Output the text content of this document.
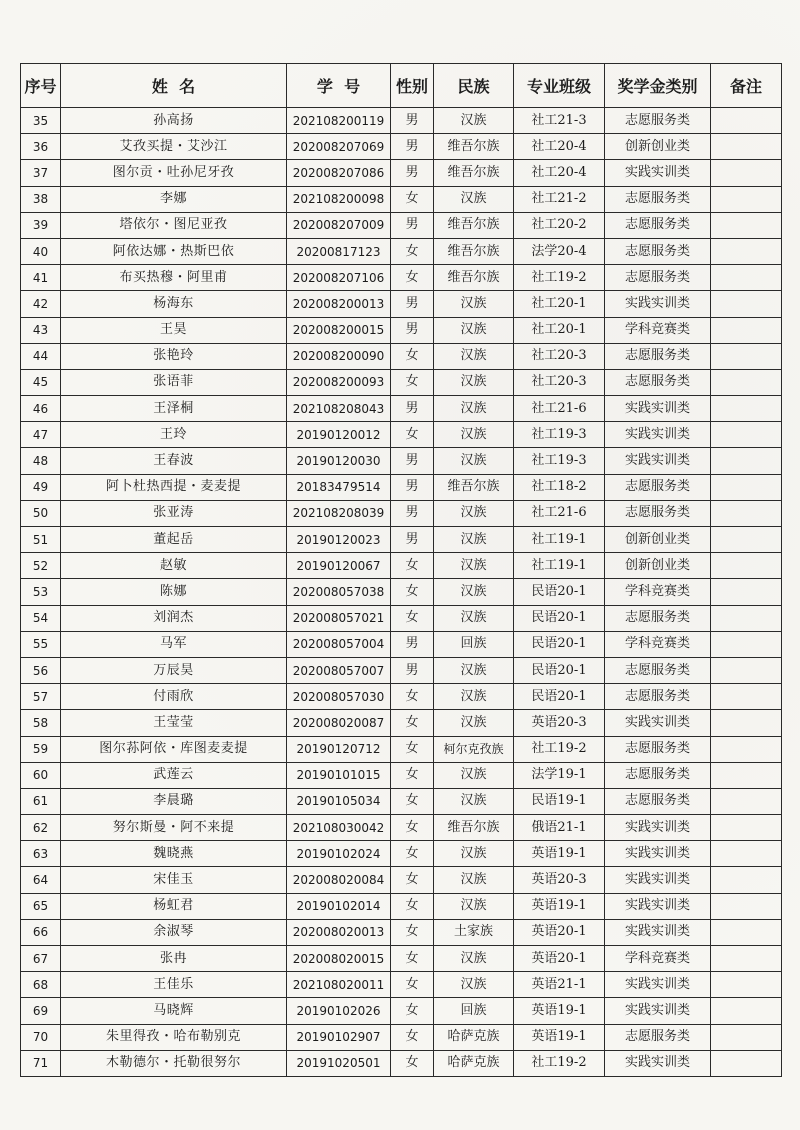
序号	姓  名	学  号	性别	民族	专业班级	奖学金类别	备注
35	孙高扬	202108200119	男	汉族	社工21-3	志愿服务类	
36	艾孜买提・艾沙江	202008207069	男	维吾尔族	社工20-4	创新创业类	
37	图尔贡・吐孙尼牙孜	202008207086	男	维吾尔族	社工20-4	实践实训类	
38	李娜	202108200098	女	汉族	社工21-2	志愿服务类	
39	塔依尔・图尼亚孜	202008207009	男	维吾尔族	社工20-2	志愿服务类	
40	阿依达娜・热斯巴依	20200817123	女	维吾尔族	法学20-4	志愿服务类	
41	布买热穆・阿里甫	202008207106	女	维吾尔族	社工19-2	志愿服务类	
42	杨海东	202008200013	男	汉族	社工20-1	实践实训类	
43	王昊	202008200015	男	汉族	社工20-1	学科竞赛类	
44	张艳玲	202008200090	女	汉族	社工20-3	志愿服务类	
45	张语菲	202008200093	女	汉族	社工20-3	志愿服务类	
46	王泽桐	202108208043	男	汉族	社工21-6	实践实训类	
47	王玲	20190120012	女	汉族	社工19-3	实践实训类	
48	王春波	20190120030	男	汉族	社工19-3	实践实训类	
49	阿卜杜热西提・麦麦提	20183479514	男	维吾尔族	社工18-2	志愿服务类	
50	张亚涛	202108208039	男	汉族	社工21-6	志愿服务类	
51	董起岳	20190120023	男	汉族	社工19-1	创新创业类	
52	赵敏	20190120067	女	汉族	社工19-1	创新创业类	
53	陈娜	202008057038	女	汉族	民语20-1	学科竞赛类	
54	刘润杰	202008057021	女	汉族	民语20-1	志愿服务类	
55	马军	202008057004	男	回族	民语20-1	学科竞赛类	
56	万辰昊	202008057007	男	汉族	民语20-1	志愿服务类	
57	付雨欣	202008057030	女	汉族	民语20-1	志愿服务类	
58	王莹莹	202008020087	女	汉族	英语20-3	实践实训类	
59	图尔荪阿依・库图麦麦提	20190120712	女	柯尔克孜族	社工19-2	志愿服务类	
60	武莲云	20190101015	女	汉族	法学19-1	志愿服务类	
61	李晨璐	20190105034	女	汉族	民语19-1	志愿服务类	
62	努尔斯曼・阿不来提	202108030042	女	维吾尔族	俄语21-1	实践实训类	
63	魏晓燕	20190102024	女	汉族	英语19-1	实践实训类	
64	宋佳玉	202008020084	女	汉族	英语20-3	实践实训类	
65	杨虹君	20190102014	女	汉族	英语19-1	实践实训类	
66	余淑琴	202008020013	女	土家族	英语20-1	实践实训类	
67	张冉	202008020015	女	汉族	英语20-1	学科竞赛类	
68	王佳乐	202108020011	女	汉族	英语21-1	实践实训类	
69	马晓辉	20190102026	女	回族	英语19-1	实践实训类	
70	朱里得孜・哈布勒别克	20190102907	女	哈萨克族	英语19-1	志愿服务类	
71	木勒德尔・托勒很努尔	20191020501	女	哈萨克族	社工19-2	实践实训类	
